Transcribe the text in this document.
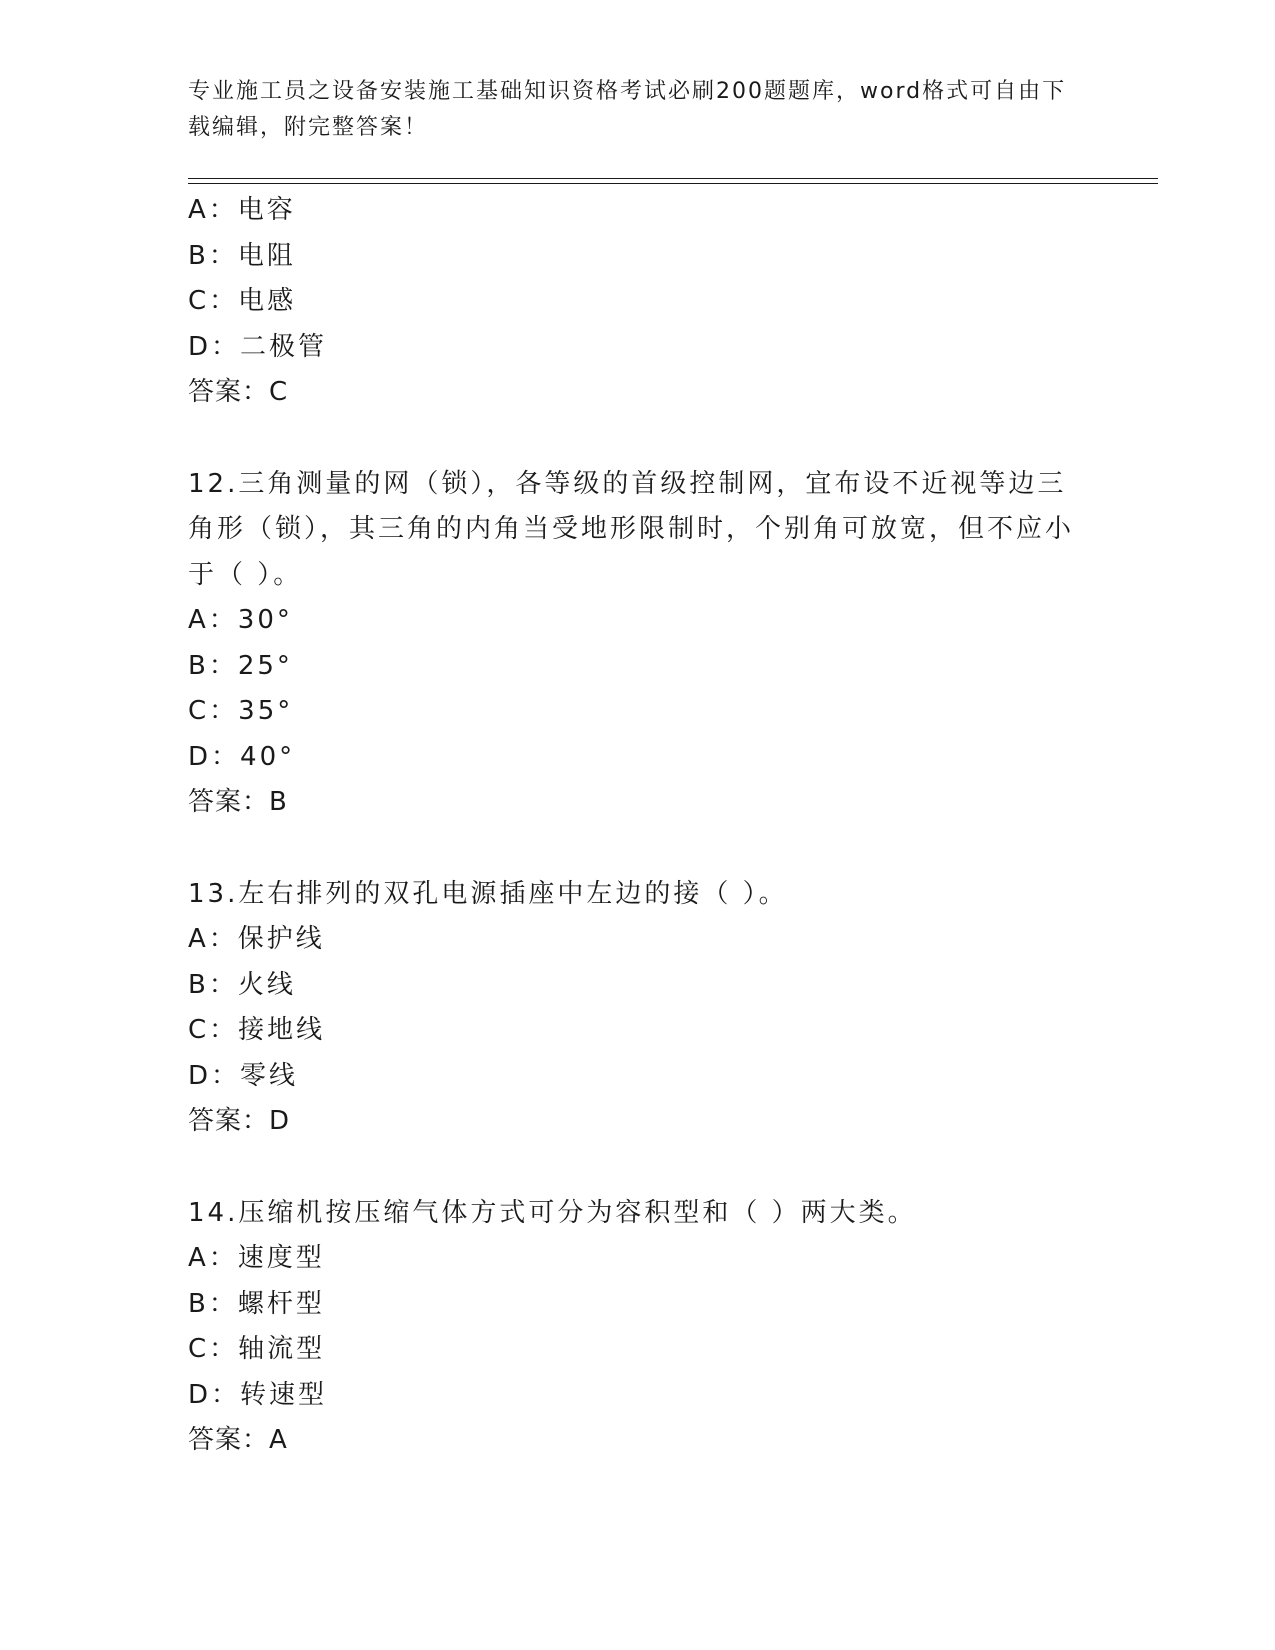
专业施工员之设备安装施工基础知识资格考试必刷200题题库，word格式可自由下载编辑，附完整答案！
A：电容
B：电阻
C：电感
D：二极管
答案：C
12.三角测量的网（锁），各等级的首级控制网，宜布设不近视等边三角形（锁），其三角的内角当受地形限制时，个别角可放宽，但不应小于（ ）。
A：30°
B：25°
C：35°
D：40°
答案：B
13.左右排列的双孔电源插座中左边的接（ ）。
A：保护线
B：火线
C：接地线
D：零线
答案：D
14.压缩机按压缩气体方式可分为容积型和（ ）两大类。
A：速度型
B：螺杆型
C：轴流型
D：转速型
答案：A
